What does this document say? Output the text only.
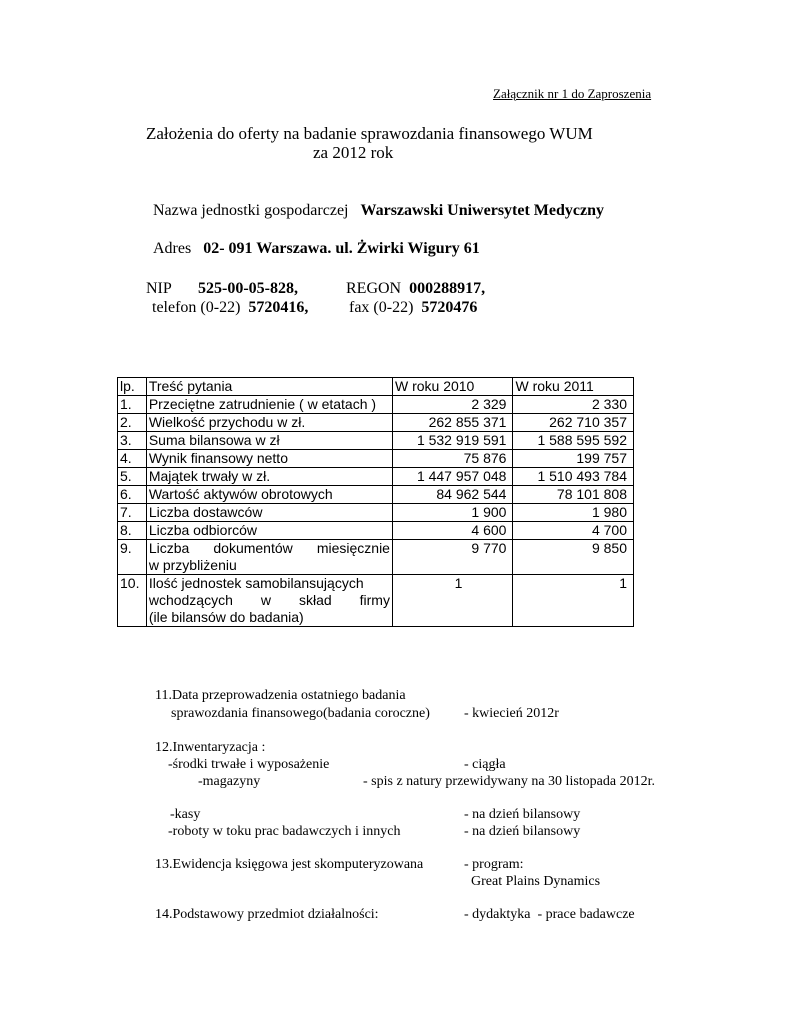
Załącznik nr 1 do Zaproszenia
Założenia do oferty na badanie sprawozdania finansowego WUM
za 2012 rok
Nazwa jednostki gospodarczej Warszawski Uniwersytet Medyczny
Adres 02- 091 Warszawa. ul. Żwirki Wigury 61
NIP 525-00-05-828,	REGON 000288917,
telefon (0-22) 5720416,	fax (0-22) 5720476
lp.	Treść pytania	W roku 2010	W roku 2011
1.	Przeciętne zatrudnienie ( w etatach )	2 329	2 330
2.	Wielkość przychodu w zł.	262 855 371	262 710 357
3.	Suma bilansowa w zł	1 532 919 591	1 588 595 592
4.	Wynik finansowy netto	75 876	199 757
5.	Majątek trwały w zł.	1 447 957 048	1 510 493 784
6.	Wartość aktywów obrotowych	84 962 544	78 101 808
7.	Liczba dostawców	1 900	1 980
8.	Liczba odbiorców	4 600	4 700
9.	Liczba dokumentów miesięcznie
w przybliżeniu	9 770	9 850
10.	Ilość jednostek samobilansujących
wchodzących w skład firmy
(ile bilansów do badania)	1	1
11.Data przeprowadzenia ostatniego badania
sprawozdania finansowego(badania coroczne) - kwiecień 2012r
12.Inwentaryzacja :
-środki trwałe i wyposażenie	- ciągła
-magazyny	- spis z natury przewidywany na 30 listopada 2012r.
-kasy	- na dzień bilansowy
-roboty w toku prac badawczych i innych	- na dzień bilansowy
13.Ewidencja księgowa jest skomputeryzowana	- program:
Great Plains Dynamics
14.Podstawowy przedmiot działalności:	- dydaktyka  - prace badawcze
